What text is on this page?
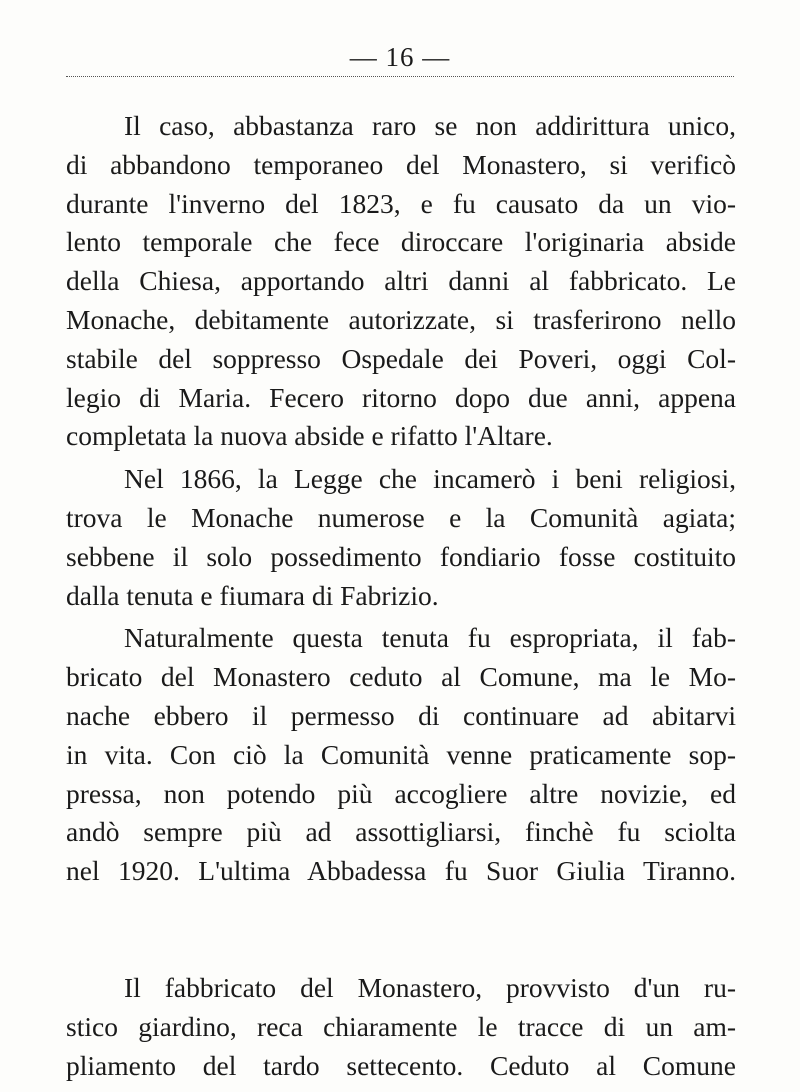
— 16 —

Il caso, abbastanza raro se non addirittura unico,
di abbandono temporaneo del Monastero, si verificò
durante l'inverno del 1823, e fu causato da un vio-
lento temporale che fece diroccare l'originaria abside
della Chiesa, apportando altri danni al fabbricato. Le
Monache, debitamente autorizzate, si trasferirono nello
stabile del soppresso Ospedale dei Poveri, oggi Col-
legio di Maria. Fecero ritorno dopo due anni, appena
completata la nuova abside e rifatto l'Altare.

Nel 1866, la Legge che incamerò i beni religiosi,
trova le Monache numerose e la Comunità agiata;
sebbene il solo possedimento fondiario fosse costituito
dalla tenuta e fiumara di Fabrizio.

Naturalmente questa tenuta fu espropriata, il fab-
bricato del Monastero ceduto al Comune, ma le Mo-
nache ebbero il permesso di continuare ad abitarvi
in vita. Con ciò la Comunità venne praticamente sop-
pressa, non potendo più accogliere altre novizie, ed
andò sempre più ad assottigliarsi, finchè fu sciolta
nel 1920. L'ultima Abbadessa fu Suor Giulia Tiranno.

Il fabbricato del Monastero, provvisto d'un ru-
stico giardino, reca chiaramente le tracce di un am-
pliamento del tardo settecento. Ceduto al Comune
